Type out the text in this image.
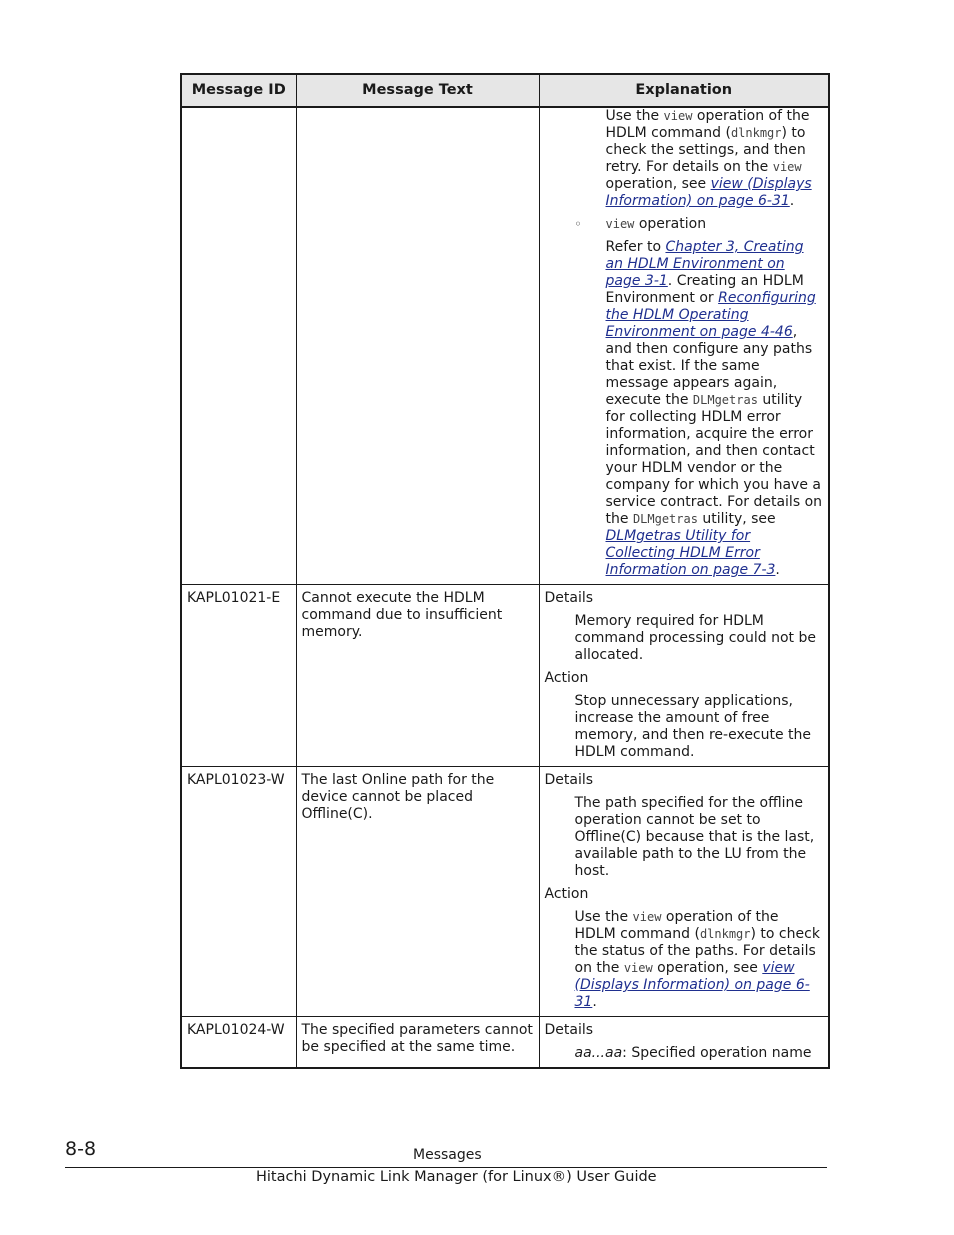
Message ID	Message Text	Explanation

		Use the view operation of the HDLM command (dlnkmgr) to check the settings, and then retry. For details on the view operation, see view (Displays Information) on page 6-31.
◦ view operation
Refer to Chapter 3, Creating an HDLM Environment on page 3-1. Creating an HDLM Environment or Reconfiguring the HDLM Operating Environment on page 4-46, and then configure any paths that exist. If the same message appears again, execute the DLMgetras utility for collecting HDLM error information, acquire the error information, and then contact your HDLM vendor or the company for which you have a service contract. For details on the DLMgetras utility, see DLMgetras Utility for Collecting HDLM Error Information on page 7-3.

KAPL01021-E	Cannot execute the HDLM command due to insufficient memory.	Details
Memory required for HDLM command processing could not be allocated.
Action
Stop unnecessary applications, increase the amount of free memory, and then re-execute the HDLM command.

KAPL01023-W	The last Online path for the device cannot be placed Offline(C).	Details
The path specified for the offline operation cannot be set to Offline(C) because that is the last, available path to the LU from the host.
Action
Use the view operation of the HDLM command (dlnkmgr) to check the status of the paths. For details on the view operation, see view (Displays Information) on page 6-31.

KAPL01024-W	The specified parameters cannot be specified at the same time.	Details
aa...aa: Specified operation name
8-8	Messages
Hitachi Dynamic Link Manager (for Linux®) User Guide
